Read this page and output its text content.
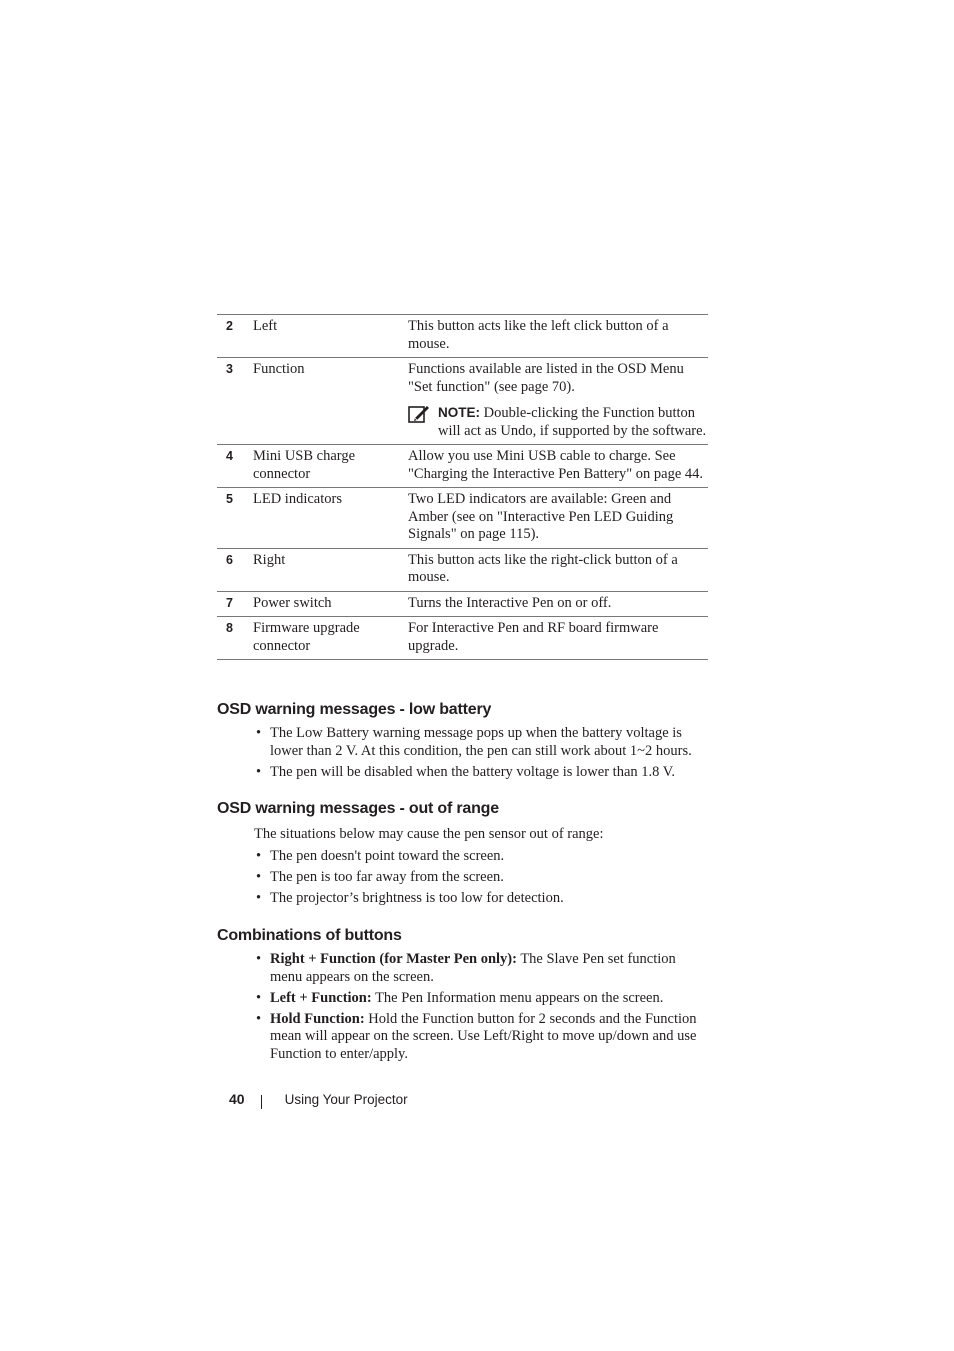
2	Left	This button acts like the left click button of a mouse.
3	Function	Functions available are listed in the OSD Menu "Set function" (see page 70).
NOTE: Double-clicking the Function button will act as Undo, if supported by the software.

4	Mini USB charge connector	Allow you use Mini USB cable to charge. See "Charging the Interactive Pen Battery" on page 44.
5	LED indicators	Two LED indicators are available: Green and Amber (see on "Interactive Pen LED Guiding Signals" on page 115).
6	Right	This button acts like the right-click button of a mouse.
7	Power switch	Turns the Interactive Pen on or off.
8	Firmware upgrade connector	For Interactive Pen and RF board firmware upgrade.
OSD warning messages - low battery
• The Low Battery warning message pops up when the battery voltage is lower than 2 V. At this condition, the pen can still work about 1~2 hours.
• The pen will be disabled when the battery voltage is lower than 1.8 V.
OSD warning messages - out of range

The situations below may cause the pen sensor out of range:

• The pen doesn't point toward the screen.
• The pen is too far away from the screen.
• The projector’s brightness is too low for detection.
Combinations of buttons
• Right + Function (for Master Pen only): The Slave Pen set function menu appears on the screen.
• Left + Function: The Pen Information menu appears on the screen.
• Hold Function: Hold the Function button for 2 seconds and the Function mean will appear on the screen. Use Left/Right to move up/down and use Function to enter/apply.
40	Using Your Projector
